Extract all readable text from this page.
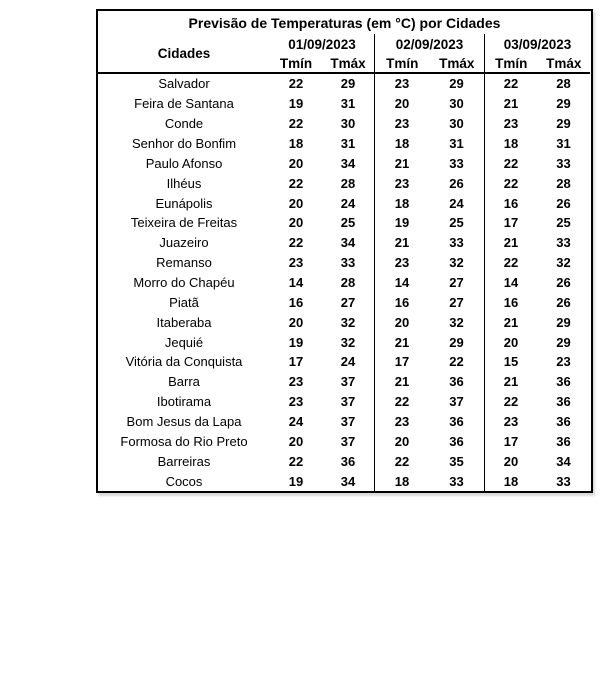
Previsão de Temperaturas (em °C) por Cidades
Cidades
01/09/2023
Tmín	Tmáx
02/09/2023
Tmín	Tmáx
03/09/2023
Tmín	Tmáx
Salvador	22	29	23	29	22	28
Feira de Santana	19	31	20	30	21	29
Conde	22	30	23	30	23	29
Senhor do Bonfim	18	31	18	31	18	31
Paulo Afonso	20	34	21	33	22	33
Ilhéus	22	28	23	26	22	28
Eunápolis	20	24	18	24	16	26
Teixeira de Freitas	20	25	19	25	17	25
Juazeiro	22	34	21	33	21	33
Remanso	23	33	23	32	22	32
Morro do Chapéu	14	28	14	27	14	26
Piatã	16	27	16	27	16	26
Itaberaba	20	32	20	32	21	29
Jequié	19	32	21	29	20	29
Vitória da Conquista	17	24	17	22	15	23
Barra	23	37	21	36	21	36
Ibotirama	23	37	22	37	22	36
Bom Jesus da Lapa	24	37	23	36	23	36
Formosa do Rio Preto	20	37	20	36	17	36
Barreiras	22	36	22	35	20	34
Cocos	19	34	18	33	18	33
